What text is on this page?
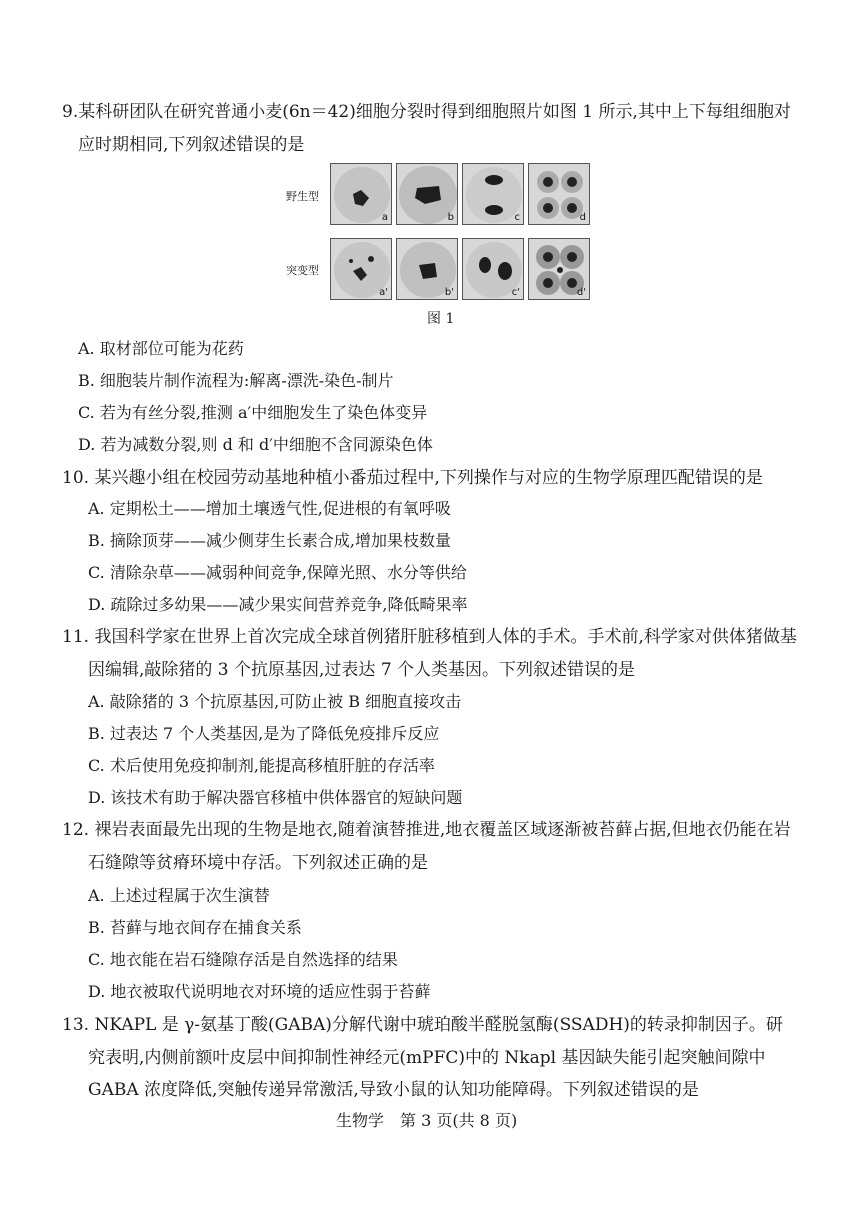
9.某科研团队在研究普通小麦(6n＝42)细胞分裂时得到细胞照片如图 1 所示,其中上下每组细胞对
应时期相同,下列叙述错误的是
野生型
突变型
a	b	c	d
a'	b'	c'	d'
图 1
A. 取材部位可能为花药
B. 细胞装片制作流程为:解离-漂洗-染色-制片
C. 若为有丝分裂,推测 a′中细胞发生了染色体变异
D. 若为减数分裂,则 d 和 d′中细胞不含同源染色体
10. 某兴趣小组在校园劳动基地种植小番茄过程中,下列操作与对应的生物学原理匹配错误的是
A. 定期松土——增加土壤透气性,促进根的有氧呼吸
B. 摘除顶芽——减少侧芽生长素合成,增加果枝数量
C. 清除杂草——减弱种间竞争,保障光照、水分等供给
D. 疏除过多幼果——减少果实间营养竞争,降低畸果率
11. 我国科学家在世界上首次完成全球首例猪肝脏移植到人体的手术。手术前,科学家对供体猪做基
因编辑,敲除猪的 3 个抗原基因,过表达 7 个人类基因。下列叙述错误的是
A. 敲除猪的 3 个抗原基因,可防止被 B 细胞直接攻击
B. 过表达 7 个人类基因,是为了降低免疫排斥反应
C. 术后使用免疫抑制剂,能提高移植肝脏的存活率
D. 该技术有助于解决器官移植中供体器官的短缺问题
12. 裸岩表面最先出现的生物是地衣,随着演替推进,地衣覆盖区域逐渐被苔藓占据,但地衣仍能在岩
石缝隙等贫瘠环境中存活。下列叙述正确的是
A. 上述过程属于次生演替
B. 苔藓与地衣间存在捕食关系
C. 地衣能在岩石缝隙存活是自然选择的结果
D. 地衣被取代说明地衣对环境的适应性弱于苔藓
13. NKAPL 是 γ-氨基丁酸(GABA)分解代谢中琥珀酸半醛脱氢酶(SSADH)的转录抑制因子。研
究表明,内侧前额叶皮层中间抑制性神经元(mPFC)中的 Nkapl 基因缺失能引起突触间隙中
GABA 浓度降低,突触传递异常激活,导致小鼠的认知功能障碍。下列叙述错误的是
生物学　第 3 页(共 8 页)
